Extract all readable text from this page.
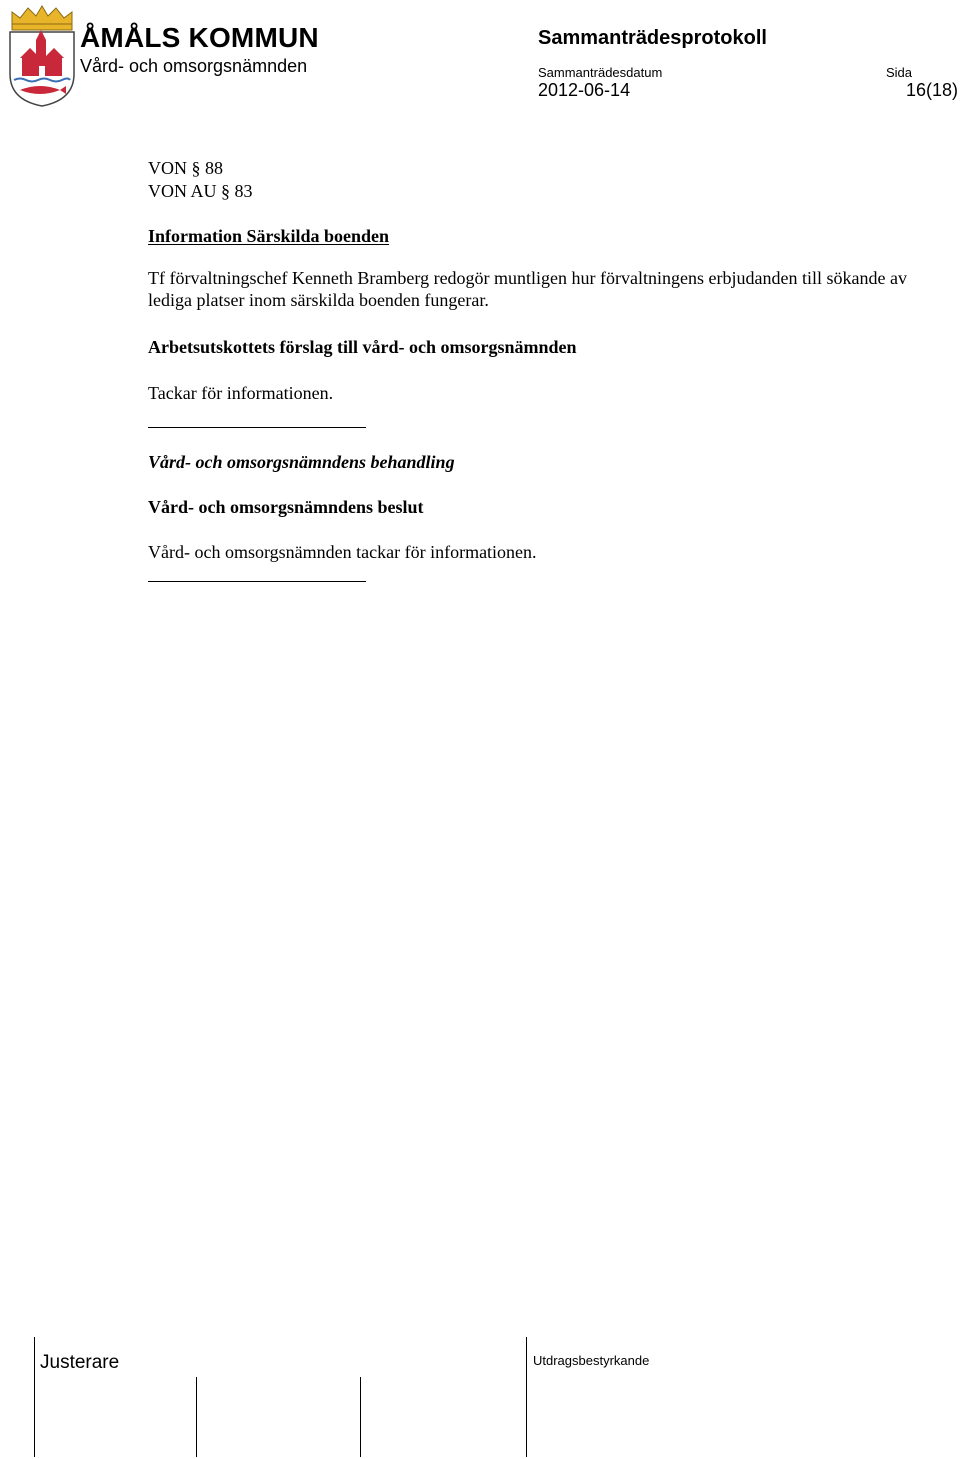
ÅMÅLS KOMMUN
Vård- och omsorgsnämnden
Sammanträdesprotokoll
Sammanträdesdatum
2012-06-14
Sida
16(18)
VON § 88
VON AU § 83
Information Särskilda boenden
Tf förvaltningschef Kenneth Bramberg redogör muntligen hur förvaltningens erbjudanden till sökande av lediga platser inom särskilda boenden fungerar.
Arbetsutskottets förslag till vård- och omsorgsnämnden
Tackar för informationen.
Vård- och omsorgsnämndens behandling
Vård- och omsorgsnämndens beslut
Vård- och omsorgsnämnden tackar för informationen.
Justerare	Utdragsbestyrkande
